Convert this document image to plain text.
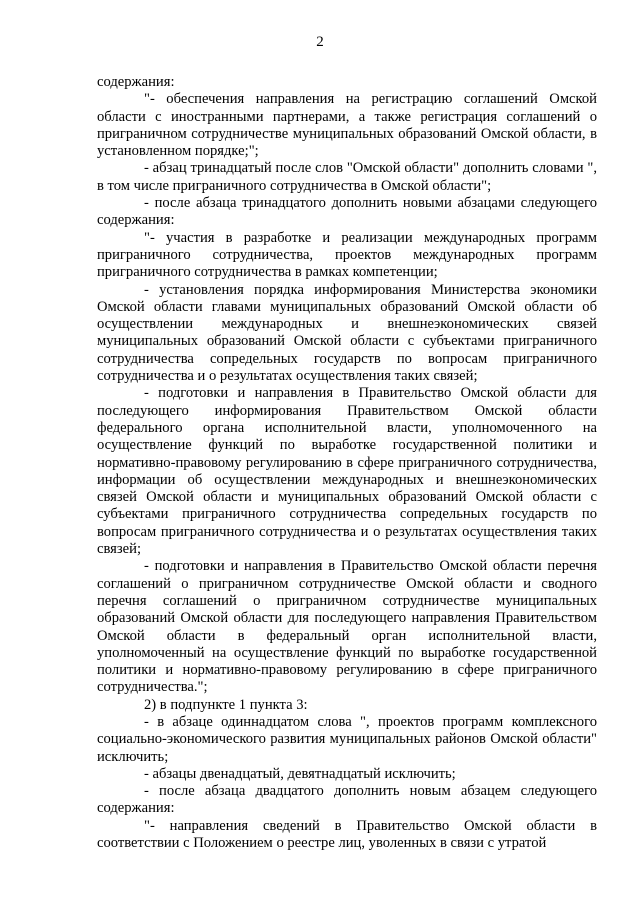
2

содержания:

"- обеспечения направления на регистрацию соглашений Омской области с иностранными партнерами, а также регистрация соглашений о приграничном сотрудничестве муниципальных образований Омской области, в установленном порядке;";

- абзац тринадцатый после слов "Омской области" дополнить словами ", в том числе приграничного сотрудничества в Омской области";

- после абзаца тринадцатого дополнить новыми абзацами следующего содержания:

"- участия в разработке и реализации международных программ приграничного сотрудничества, проектов международных программ приграничного сотрудничества в рамках компетенции;

- установления порядка информирования Министерства экономики Омской области главами муниципальных образований Омской области об осуществлении международных и внешнеэкономических связей муниципальных образований Омской области с субъектами приграничного сотрудничества сопредельных государств по вопросам приграничного сотрудничества и о результатах осуществления таких связей;

- подготовки и направления в Правительство Омской области для последующего информирования Правительством Омской области федерального органа исполнительной власти, уполномоченного на осуществление функций по выработке государственной политики и нормативно-правовому регулированию в сфере приграничного сотрудничества, информации об осуществлении международных и внешнеэкономических связей Омской области и муниципальных образований Омской области с субъектами приграничного сотрудничества сопредельных государств по вопросам приграничного сотрудничества и о результатах осуществления таких связей;

- подготовки и направления в Правительство Омской области перечня соглашений о приграничном сотрудничестве Омской области и сводного перечня соглашений о приграничном сотрудничестве муниципальных образований Омской области для последующего направления Правительством Омской области в федеральный орган исполнительной власти, уполномоченный на осуществление функций по выработке государственной политики и нормативно-правовому регулированию в сфере приграничного сотрудничества.";

2) в подпункте 1 пункта 3:

- в абзаце одиннадцатом слова ", проектов программ комплексного социально-экономического развития муниципальных районов Омской области" исключить;

- абзацы двенадцатый, девятнадцатый исключить;

- после абзаца двадцатого дополнить новым абзацем следующего содержания:

"- направления сведений в Правительство Омской области в соответствии с Положением о реестре лиц, уволенных в связи с утратой
